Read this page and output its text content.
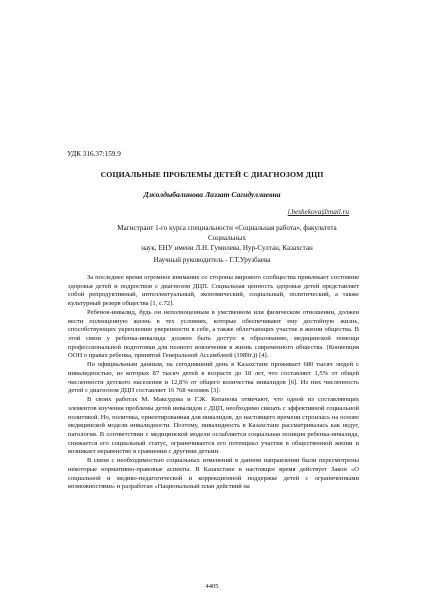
УДК 316.37:159.9
СОЦИАЛЬНЫЕ ПРОБЛЕМЫ ДЕТЕЙ С ДИАГНОЗОМ ДЦП
Джолдыбалинова Лаззат Сагидуллаевна
l.beshekova@mail.ru
Магистрант 1-го курса специальности «Социальная работа», факультета Социальных
наук, ЕНУ имени Л.Н. Гумилева, Нур-Султан, Казахстан
Научный руководитель - Г.Т.Урузбаева

За последнее время огромное внимание со стороны мирового сообщества привлекает состояние здоровья детей и подростков с диагнозом ДЦП. Социальная ценность здоровья детей представляет собой репродуктивный, интеллектуальный, экономический, социальный, политический, а также культурный резерв общества [1, с.72].

Ребенок-инвалид, будь он неполноценным в умственном или физическом отношении, должен вести полноценную жизнь в тех условиях, которые обеспечивают ему достойную жизнь, способствующих укреплению уверенности в себе, а также облегчающих участие в жизни общества. В этой связи у ребенка-инвалида должен быть доступ к образованию, медицинской помощи профессиональной подготовки для полного вовлечения в жизнь современного общества. (Конвенция ООН о правах ребенка, принятой Генеральной Ассамблеей (1989г.)) [4].

По официальным данным, на сегодняшний день в Казахстане проживает 680 тысяч людей с инвалидностью, из которых 87 тысяч детей в возрасте до 18 лет, что составляет 1,5% от общей численности детского населения и 12,8% от общего количества инвалидов [6]. Из них численность детей с диагнозом ДЦП составляет 16 768 человек [3].

В своих работах М. Максудова и Г.Ж. Кепанова отмечают, что одной из составляющих элементов изучения проблемы детей инвалидов с ДЦП, необходимо связать с эффективной социальной политикой. Но, политика, ориентированная для инвалидов, до настоящего времени строилась на основе медицинской модели инвалидности. Поэтому, инвалидность в Казахстане рассматривалась как недуг, патология. В соответствии с медицинской модели ослабляется социальная позиция ребенка-инвалида, снижается его социальный статус, ограничивается его потенциал участия в общественной жизни и возникает неравенство в сравнении с другими детьми.

В связи с необходимостью социальных изменений в данном направлении были пересмотрены некоторые нормативно-правовые аспекты. В Казахстане в настоящее время действует Закон «О социальной и медико-педагогической и коррекционной поддержке детей с ограниченными возможностями» и разработан «Национальный план действий на

4405
